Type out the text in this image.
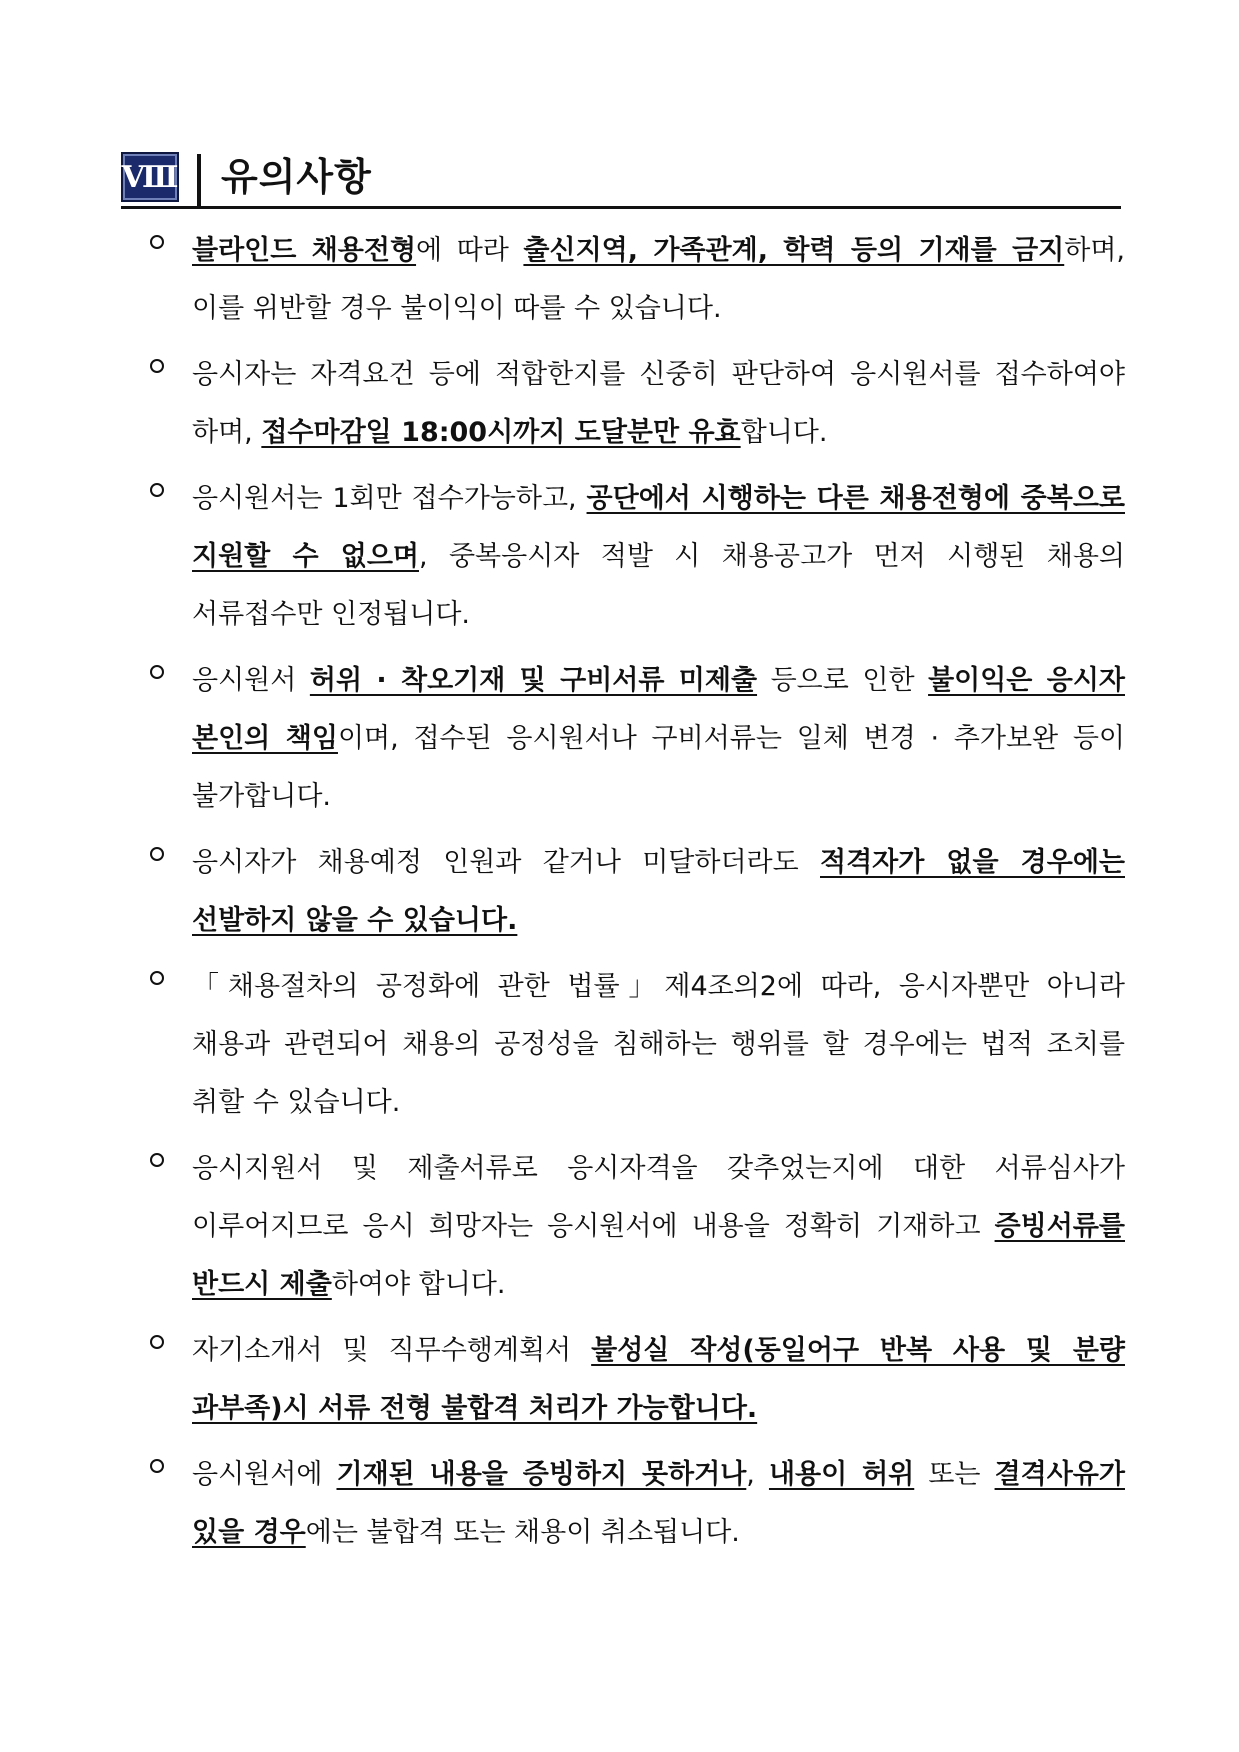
Ⅷ 유의사항

블라인드 채용전형에 따라 출신지역, 가족관계, 학력 등의 기재를 금지하며, 이를 위반할 경우 불이익이 따를 수 있습니다.

응시자는 자격요건 등에 적합한지를 신중히 판단하여 응시원서를 접수하여야 하며, 접수마감일 18:00시까지 도달분만 유효합니다.

응시원서는 1회만 접수가능하고, 공단에서 시행하는 다른 채용전형에 중복으로 지원할 수 없으며, 중복응시자 적발 시 채용공고가 먼저 시행된 채용의 서류접수만 인정됩니다.

응시원서 허위 · 착오기재 및 구비서류 미제출 등으로 인한 불이익은 응시자 본인의 책임이며, 접수된 응시원서나 구비서류는 일체 변경 · 추가보완 등이 불가합니다.

응시자가 채용예정 인원과 같거나 미달하더라도 적격자가 없을 경우에는 선발하지 않을 수 있습니다.

「채용절차의 공정화에 관한 법률」제4조의2에 따라, 응시자뿐만 아니라 채용과 관련되어 채용의 공정성을 침해하는 행위를 할 경우에는 법적 조치를 취할 수 있습니다.

응시지원서 및 제출서류로 응시자격을 갖추었는지에 대한 서류심사가 이루어지므로 응시 희망자는 응시원서에 내용을 정확히 기재하고 증빙서류를 반드시 제출하여야 합니다.

자기소개서 및 직무수행계획서 불성실 작성(동일어구 반복 사용 및 분량 과부족)시 서류 전형 불합격 처리가 가능합니다.

응시원서에 기재된 내용을 증빙하지 못하거나, 내용이 허위 또는 결격사유가 있을 경우에는 불합격 또는 채용이 취소됩니다.
